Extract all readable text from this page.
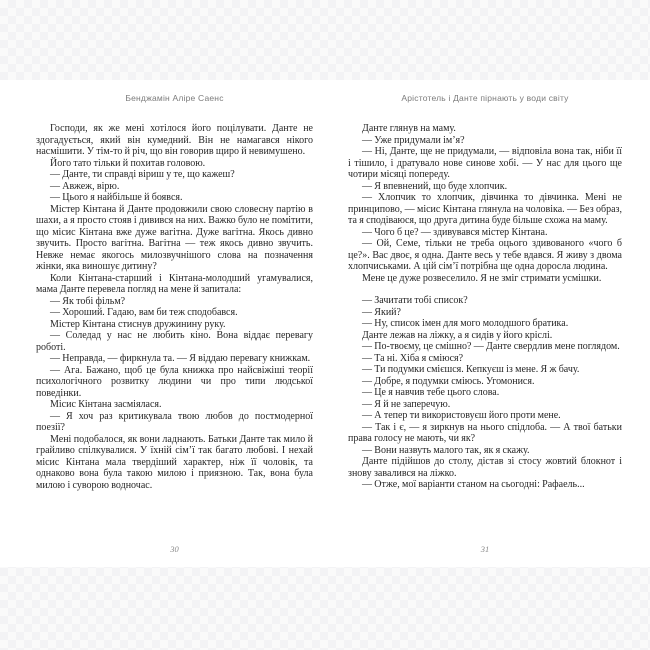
Бенджамін Аліре Саенс

Господи, як же мені хотілося його поцілувати. Данте не здогадується, який він кумедний. Він не намагався нікого насмішити. У тім-то й річ, що він говорив щиро й невимушено.

Його тато тільки й похитав головою.

— Данте, ти справді віриш у те, що кажеш?

— Авжеж, вірю.

— Цього я найбільше й боявся.

Містер Кінтана й Данте продовжили свою словесну партію в шахи, а я просто стояв і дивився на них. Важко було не помітити, що місис Кінтана вже дуже вагітна. Дуже вагітна. Якось дивно звучить. Просто вагітна. Вагітна — теж якось дивно звучить. Невже немає якогось милозвучнішого слова на позначення жінки, яка виношує дитину?

Коли Кінтана-старший і Кінтана-молодший угамувалися, мама Данте перевела погляд на мене й запитала:

— Як тобі фільм?

— Хороший. Гадаю, вам би теж сподобався.

Містер Кінтана стиснув дружинину руку.

— Соледад у нас не любить кіно. Вона віддає перевагу роботі.

— Неправда, — фиркнула та. — Я віддаю перевагу книжкам.

— Ага. Бажано, щоб це була книжка про найсвіжіші теорії психологічного розвитку людини чи про типи людської поведінки.

Місис Кінтана засміялася.

— Я хоч раз критикувала твою любов до постмодерної поезії?

Мені подобалося, як вони ладнають. Батьки Данте так мило й грайливо спілкувалися. У їхній сім’ї так багато любові. І нехай місис Кінтана мала твердіший характер, ніж її чоловік, та однаково вона була такою милою і приязною. Так, вона була милою і суворою водночас.

30
Арістотель і Данте пірнають у води світу

Данте глянув на маму.

— Уже придумали ім’я?

— Ні, Данте, ще не придумали, — відповіла вона так, ніби її і тішило, і дратувало нове синове хобі. — У нас для цього ще чотири місяці попереду.

— Я впевнений, що буде хлопчик.

— Хлопчик то хлопчик, дівчинка то дівчинка. Мені не принципово, — місис Кінтана глянула на чоловіка. — Без образ, та я сподіваюся, що друга дитина буде більше схожа на маму.

— Чого б це? — здивувався містер Кінтана.

— Ой, Семе, тільки не треба оцього здивованого «чого б це?». Вас двоє, я одна. Данте весь у тебе вдався. Я живу з двома хлопчиськами. А цій сім’ї потрібна ще одна доросла людина.

Мене це дуже розвеселило. Я не зміг стримати усмішки.

— Зачитати тобі список?

— Який?

— Ну, список імен для мого молодшого братика.

Данте лежав на ліжку, а я сидів у його кріслі.

— По-твоєму, це смішно? — Данте свердлив мене поглядом.

— Та ні. Хіба я сміюся?

— Ти подумки смієшся. Кепкуєш із мене. Я ж бачу.

— Добре, я подумки сміюсь. Угомонися.

— Це я навчив тебе цього слова.

— Я й не заперечую.

— А тепер ти використовуєш його проти мене.

— Так і є, — я зиркнув на нього спідлоба. — А твої батьки права голосу не мають, чи як?

— Вони назвуть малого так, як я скажу.

Данте підійшов до столу, дістав зі стосу жовтий блокнот і знову завалився на ліжко.

— Отже, мої варіанти станом на сьогодні: Рафаель...

31
